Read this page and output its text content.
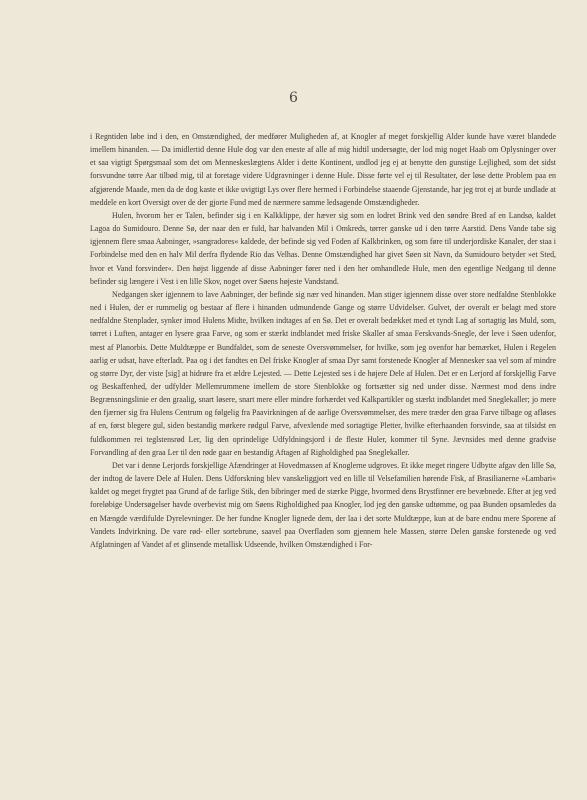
6

i Regntiden løbe ind i den, en Omstændighed, der medfører Muligheden af, at Knogler af meget forskjellig Alder kunde have været blandede imellem hinanden. — Da imidlertid denne Hule dog var den eneste af alle af mig hidtil undersøgte, der lod mig noget Haab om Oplysninger over et saa vigtigt Spørgsmaal som det om Menneskeslægtens Alder i dette Kontinent, undlod jeg ej at benytte den gunstige Lejlighed, som det sidst forsvundne tørre Aar tilbød mig, til at foretage videre Udgravninger i denne Hule. Disse førte vel ej til Resultater, der løse dette Problem paa en afgjørende Maade, men da de dog kaste et ikke uvigtigt Lys over flere hermed i Forbindelse staaende Gjenstande, har jeg trot ej at burde undlade at meddele en kort Oversigt over de der gjorte Fund med de nærmere samme ledsagende Omstændigheder.

Hulen, hvorom her er Talen, befinder sig i en Kalkklippe, der hæver sig som en lodret Brink ved den søndre Bred af en Landsø, kaldet Lagoa do Sumidouro. Denne Sø, der naar den er fuld, har halvanden Mil i Omkreds, tørrer ganske ud i den tørre Aarstid. Dens Vande tabe sig igjennem flere smaa Aabninger, »sangradores« kaldede, der befinde sig ved Foden af Kalkbrinken, og som føre til underjordiske Kanaler, der staa i Forbindelse med den en halv Mil derfra flydende Rio das Velhas. Denne Omstændighed har givet Søen sit Navn, da Sumidouro betyder »et Sted, hvor et Vand forsvinder«. Den højst liggende af disse Aabninger fører ned i den her omhandlede Hule, men den egentlige Nedgang til denne befinder sig længere i Vest i en lille Skov, noget over Søens højeste Vandstand.

Nedgangen sker igjennem to lave Aabninger, der befinde sig nær ved hinanden. Man stiger igjennem disse over store nedfaldne Stenblokke ned i Hulen, der er rummelig og bestaar af flere i hinanden udmundende Gange og større Udvidelser. Gulvet, der overalt er belagt med store nedfaldne Stenplader, synker imod Hulens Midte, hvilken indtages af en Sø. Det er overalt bedækket med et tyndt Lag af sortagtig løs Muld, som, tørret i Luften, antager en lysere graa Farve, og som er stærkt indblandet med friske Skaller af smaa Ferskvands-Snegle, der leve i Søen udenfor, mest af Planorbis. Dette Muldtæppe er Bundfaldet, som de seneste Oversvømmelser, for hvilke, som jeg ovenfor har bemærket, Hulen i Regelen aarlig er udsat, have efterladt. Paa og i det fandtes en Del friske Knogler af smaa Dyr samt forstenede Knogler af Mennesker saa vel som af mindre og større Dyr, der viste [sig] at hidrøre fra et ældre Lejested. — Dette Lejested ses i de højere Dele af Hulen. Det er en Lerjord af forskjellig Farve og Beskaffenhed, der udfylder Mellemrummene imellem de store Stenblokke og fortsætter sig ned under disse. Nærmest mod dens indre Begrænsningslinie er den graalig, snart løsere, snart mere eller mindre forhærdet ved Kalkpartikler og stærkt indblandet med Sneglekaller; jo mere den fjærner sig fra Hulens Centrum og følgelig fra Paavirkningen af de aarlige Oversvømmelser, des mere træder den graa Farve tilbage og afløses af en, først blegere gul, siden bestandig mørkere rødgul Farve, afvexlende med sortagtige Pletter, hvilke efterhaanden forsvinde, saa at tilsidst en fuldkommen rei teglstensrød Ler, lig den oprindelige Udfyldningsjord i de fleste Huler, kommer til Syne. Jævnsides med denne gradvise Forvandling af den graa Ler til den røde gaar en bestandig Aftagen af Righoldighed paa Sneglekaller.

Det var i denne Lerjords forskjellige Afændringer at Hovedmassen af Knoglerne udgroves. Et ikke meget ringere Udbytte afgav den lille Sø, der indtog de lavere Dele af Hulen. Dens Udforskning blev vanskeliggjort ved en lille til Velsefamilien hørende Fisk, af Brasilianerne »Lambari« kaldet og meget frygtet paa Grund af de farlige Stik, den bibringer med de stærke Pigge, hvormed dens Brystfinner ere bevæbnede. Efter at jeg ved foreløbige Undersøgelser havde overbevist mig om Søens Righoldighed paa Knogler, lod jeg den ganske udtømme, og paa Bunden opsamledes da en Mængde værdifulde Dyrelevninger. De her fundne Knogler lignede dem, der laa i det sorte Muldtæppe, kun at de bare endnu mere Sporene af Vandets Indvirkning. De vare rød- eller sortebrune, saavel paa Overfladen som gjennem hele Massen, større Delen ganske forstenede og ved Afglatningen af Vandet af et glinsende metallisk Udseende, hvilken Omstændighed i For-
